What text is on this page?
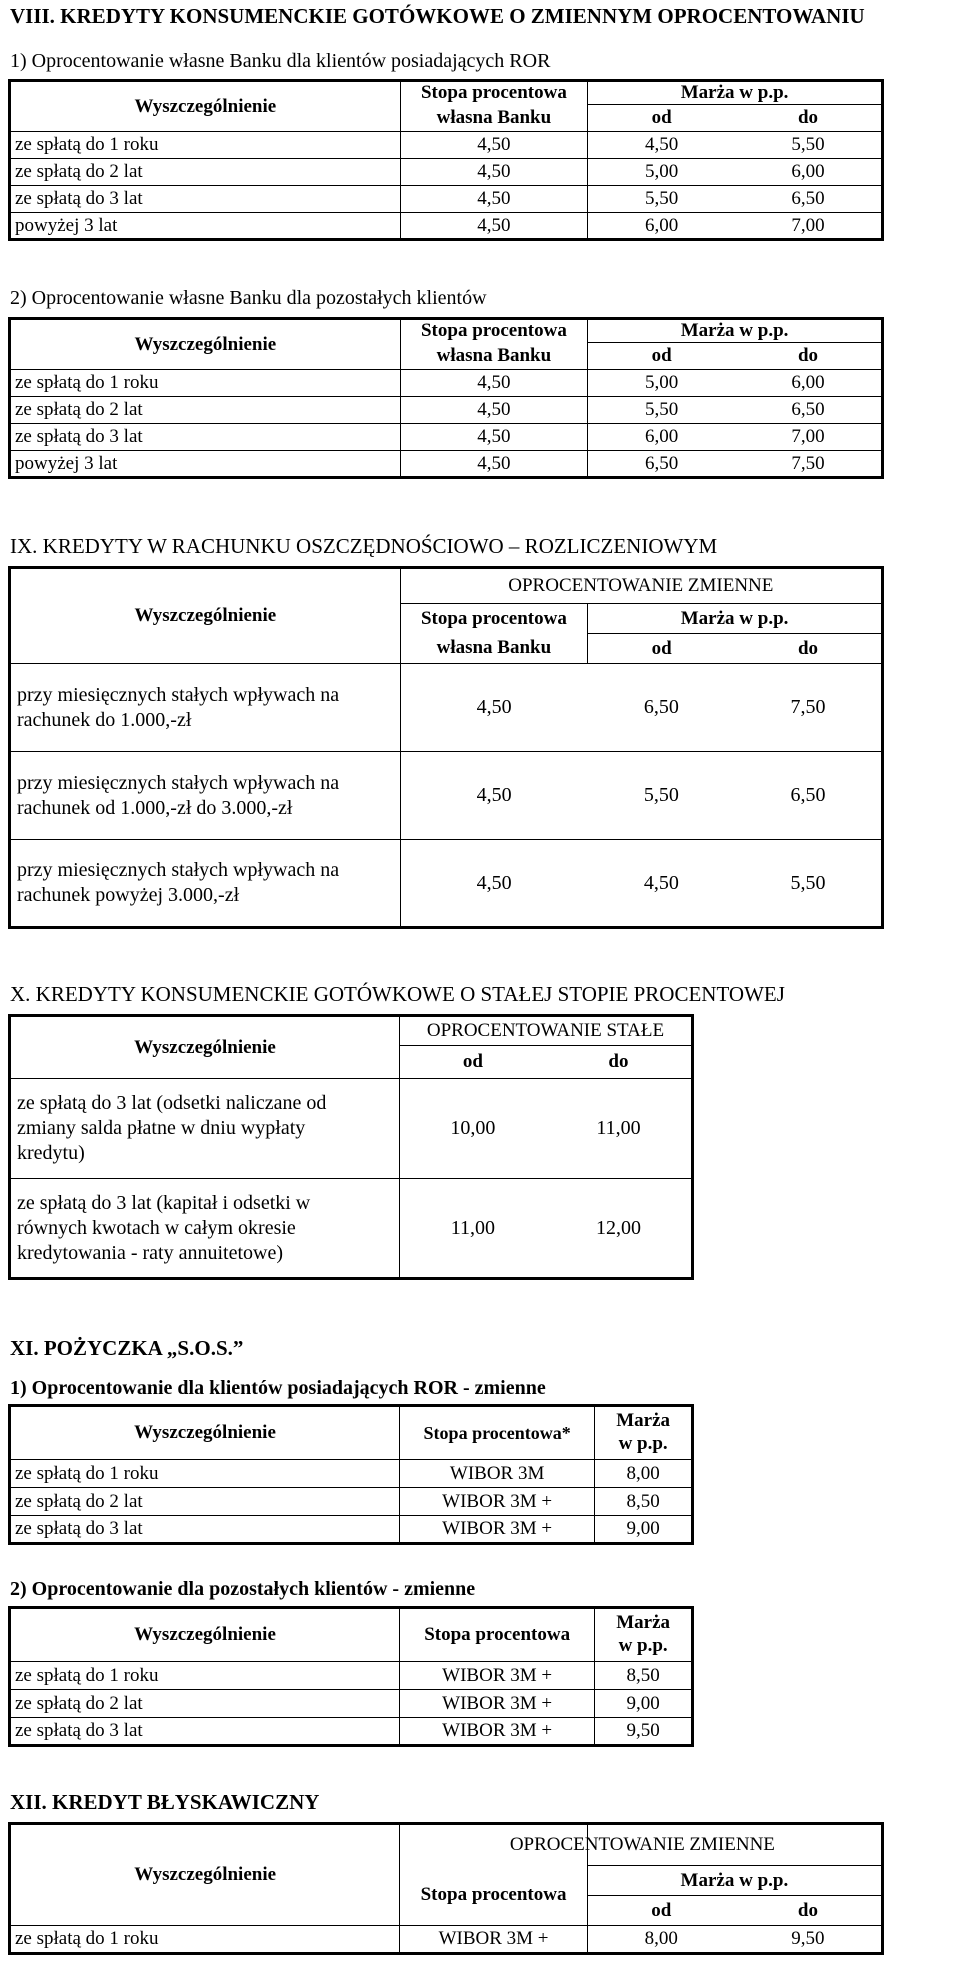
VIII. KREDYTY KONSUMENCKIE GOTÓWKOWE O ZMIENNYM OPROCENTOWANIU
1) Oprocentowanie własne Banku dla klientów posiadających ROR
Wyszczególnienie	Stopa procentowa	Marża w p.p.	
	własna Banku	od	do
ze spłatą do 1 roku	4,50	4,50	5,50
ze spłatą do 2 lat	4,50	5,00	6,00
ze spłatą do 3 lat	4,50	5,50	6,50
powyżej 3 lat	4,50	6,00	7,00
2) Oprocentowanie własne Banku dla pozostałych klientów
Wyszczególnienie	Stopa procentowa	Marża w p.p.	
	własna Banku	od	do
ze spłatą do 1 roku	4,50	5,00	6,00
ze spłatą do 2 lat	4,50	5,50	6,50
ze spłatą do 3 lat	4,50	6,00	7,00
powyżej 3 lat	4,50	6,50	7,50
IX. KREDYTY W RACHUNKU OSZCZĘDNOŚCIOWO – ROZLICZENIOWYM
Wyszczególnienie	OPROCENTOWANIE ZMIENNE		
	Stopa procentowa	Marża w p.p.	
	własna Banku	od	do

przy miesięcznych stałych wpływach na
rachunek do 1.000,-zł	4,50	6,50	7,50

przy miesięcznych stałych wpływach na
rachunek od 1.000,-zł do 3.000,-zł	4,50	5,50	6,50

przy miesięcznych stałych wpływach na
rachunek powyżej 3.000,-zł	4,50	4,50	5,50
X. KREDYTY KONSUMENCKIE GOTÓWKOWE O STAŁEJ STOPIE PROCENTOWEJ
Wyszczególnienie	OPROCENTOWANIE STAŁE	
	od	do

ze spłatą do 3 lat (odsetki naliczane od
zmiany salda płatne w dniu wypłaty
kredytu)	10,00	11,00

ze spłatą do 3 lat (kapitał i odsetki w
równych kwotach w całym okresie
kredytowania - raty annuitetowe)	11,00	12,00
XI. POŻYCZKA „S.O.S.”
1) Oprocentowanie dla klientów posiadających ROR - zmienne
Wyszczególnienie	Stopa procentowa*	Marża
w p.p.

ze spłatą do 1 roku	WIBOR 3M	8,00
ze spłatą do 2 lat	WIBOR 3M +	8,50
ze spłatą do 3 lat	WIBOR 3M +	9,00
2) Oprocentowanie dla pozostałych klientów - zmienne
Wyszczególnienie	Stopa procentowa	Marża
w p.p.

ze spłatą do 1 roku	WIBOR 3M +	8,50
ze spłatą do 2 lat	WIBOR 3M +	9,00
ze spłatą do 3 lat	WIBOR 3M +	9,50
XII. KREDYT BŁYSKAWICZNY
Wyszczególnienie		OPROCENTOWANIE ZMIENNE	
	Stopa procentowa	Marża w p.p.	
		od	do
ze spłatą do 1 roku	WIBOR 3M +	8,00	9,50
